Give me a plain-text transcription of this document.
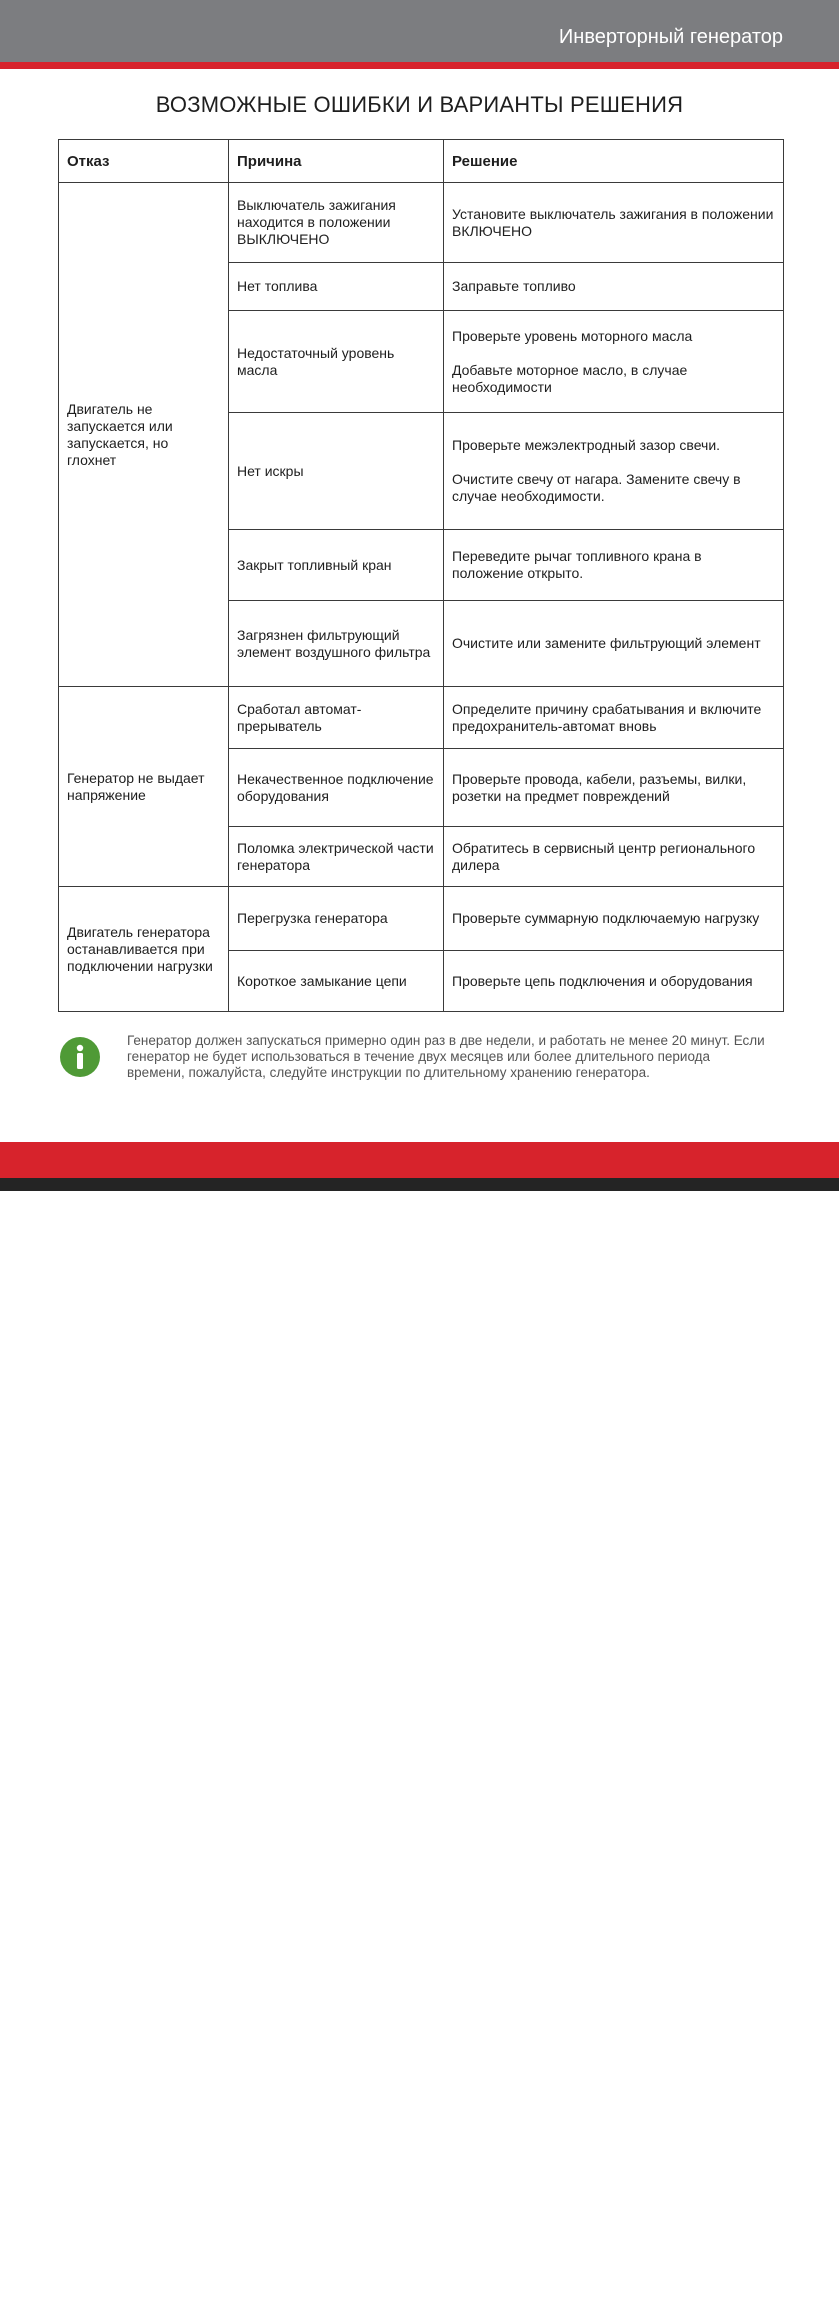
Инверторный генератор
ВОЗМОЖНЫЕ ОШИБКИ И ВАРИАНТЫ РЕШЕНИЯ
Отказ	Причина	Решение
Двигатель не запускается или запускается, но глохнет	Выключатель зажигания находится в положении ВЫКЛЮЧЕНО	Установите выключатель зажигания в положении ВКЛЮЧЕНО
	Нет топлива	Заправьте топливо
	Недостаточный уровень масла	Проверьте уровень моторного масла
Добавьте моторное масло, в случае необходимости
	Нет искры	Проверьте межэлектродный зазор свечи.
Очистите свечу от нагара. Замените свечу в случае необходимости.
	Закрыт топливный кран	Переведите рычаг топливного крана в положение открыто.
	Загрязнен фильтрующий элемент воздушного фильтра	Очистите или замените фильтрующий элемент
Генератор не выдает напряжение	Сработал автомат-прерыватель	Определите причину срабатывания и включите предохранитель-автомат вновь
	Некачественное подключение оборудования	Проверьте провода, кабели, разъемы, вилки, розетки на предмет повреждений
	Поломка электрической части генератора	Обратитесь в сервисный центр регионального дилера
Двигатель генератора останавливается при подключении нагрузки	Перегрузка генератора	Проверьте суммарную подключаемую нагрузку
	Короткое замыкание цепи	Проверьте цепь подключения и оборудования
Генератор должен запускаться примерно один раз в две недели, и работать не менее 20 минут. Если генератор не будет использоваться в течение двух месяцев или более длительного периода времени, пожалуйста, следуйте инструкции по длительному хранению генератора.
20	www.a-ipower.ru
